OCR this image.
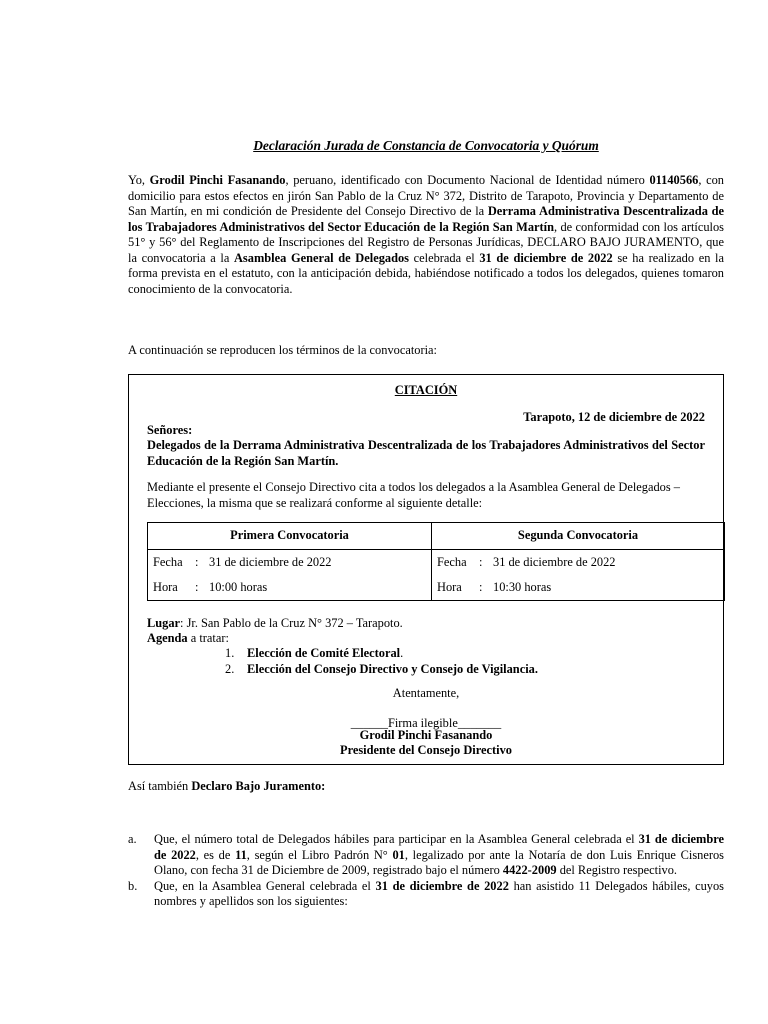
Declaración Jurada de Constancia de Convocatoria y Quórum
Yo, Grodil Pinchi Fasanando, peruano, identificado con Documento Nacional de Identidad número 01140566, con domicilio para estos efectos en jirón San Pablo de la Cruz N° 372, Distrito de Tarapoto, Provincia y Departamento de San Martín, en mi condición de Presidente del Consejo Directivo de la Derrama Administrativa Descentralizada de los Trabajadores Administrativos del Sector Educación de la Región San Martín, de conformidad con los artículos 51° y 56° del Reglamento de Inscripciones del Registro de Personas Jurídicas, DECLARO BAJO JURAMENTO, que la convocatoria a la Asamblea General de Delegados celebrada el 31 de diciembre de 2022 se ha realizado en la forma prevista en el estatuto, con la anticipación debida, habiéndose notificado a todos los delegados, quienes tomaron conocimiento de la convocatoria.
A continuación se reproducen los términos de la convocatoria:
CITACIÓN
Tarapoto, 12 de diciembre de 2022
Señores:
Delegados de la Derrama Administrativa Descentralizada de los Trabajadores Administrativos del Sector Educación de la Región San Martín.
Mediante el presente el Consejo Directivo cita a todos los delegados a la Asamblea General de Delegados – Elecciones, la misma que se realizará conforme al siguiente detalle:
Primera Convocatoria	Segunda Convocatoria
Fecha : 31 de diciembre de 2022	Fecha : 31 de diciembre de 2022
Hora : 10:00 horas	Hora : 10:30 horas
Lugar: Jr. San Pablo de la Cruz N° 372 – Tarapoto.
Agenda a tratar:
1. Elección de Comité Electoral.
2. Elección del Consejo Directivo y Consejo de Vigilancia.
Atentamente,
______Firma ilegible_______
Grodil Pinchi Fasanando
Presidente del Consejo Directivo
Así también Declaro Bajo Juramento:
a. Que, el número total de Delegados hábiles para participar en la Asamblea General celebrada el 31 de diciembre de 2022, es de 11, según el Libro Padrón N° 01, legalizado por ante la Notaría de don Luis Enrique Cisneros Olano, con fecha 31 de Diciembre de 2009, registrado bajo el número 4422-2009 del Registro respectivo.
b. Que, en la Asamblea General celebrada el 31 de diciembre de 2022 han asistido 11 Delegados hábiles, cuyos nombres y apellidos son los siguientes:
